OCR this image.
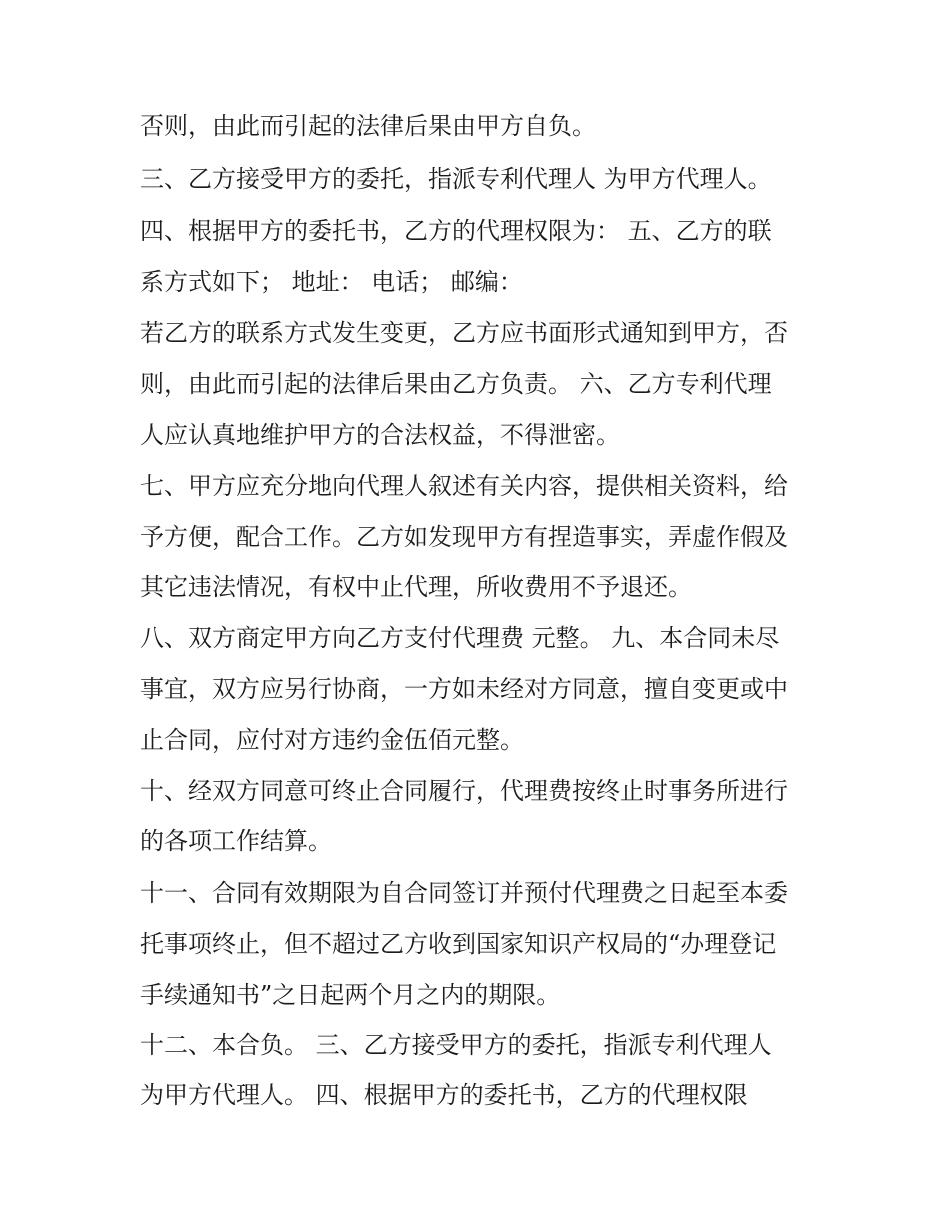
否则，由此而引起的法律后果由甲方自负。
三、乙方接受甲方的委托，指派专利代理人 为甲方代理人。
四、根据甲方的委托书，乙方的代理权限为： 五、乙方的联
系方式如下； 地址： 电话； 邮编：
若乙方的联系方式发生变更，乙方应书面形式通知到甲方，否
则，由此而引起的法律后果由乙方负责。 六、乙方专利代理
人应认真地维护甲方的合法权益，不得泄密。
七、甲方应充分地向代理人叙述有关内容，提供相关资料，给
予方便，配合工作。乙方如发现甲方有捏造事实，弄虚作假及
其它违法情况，有权中止代理，所收费用不予退还。
八、双方商定甲方向乙方支付代理费 元整。 九、本合同未尽
事宜，双方应另行协商，一方如未经对方同意，擅自变更或中
止合同，应付对方违约金伍佰元整。
十、经双方同意可终止合同履行，代理费按终止时事务所进行
的各项工作结算。
十一、合同有效期限为自合同签订并预付代理费之日起至本委
托事项终止，但不超过乙方收到国家知识产权局的“办理登记
手续通知书”之日起两个月之内的期限。
十二、本合负。 三、乙方接受甲方的委托，指派专利代理人
为甲方代理人。 四、根据甲方的委托书，乙方的代理权限
